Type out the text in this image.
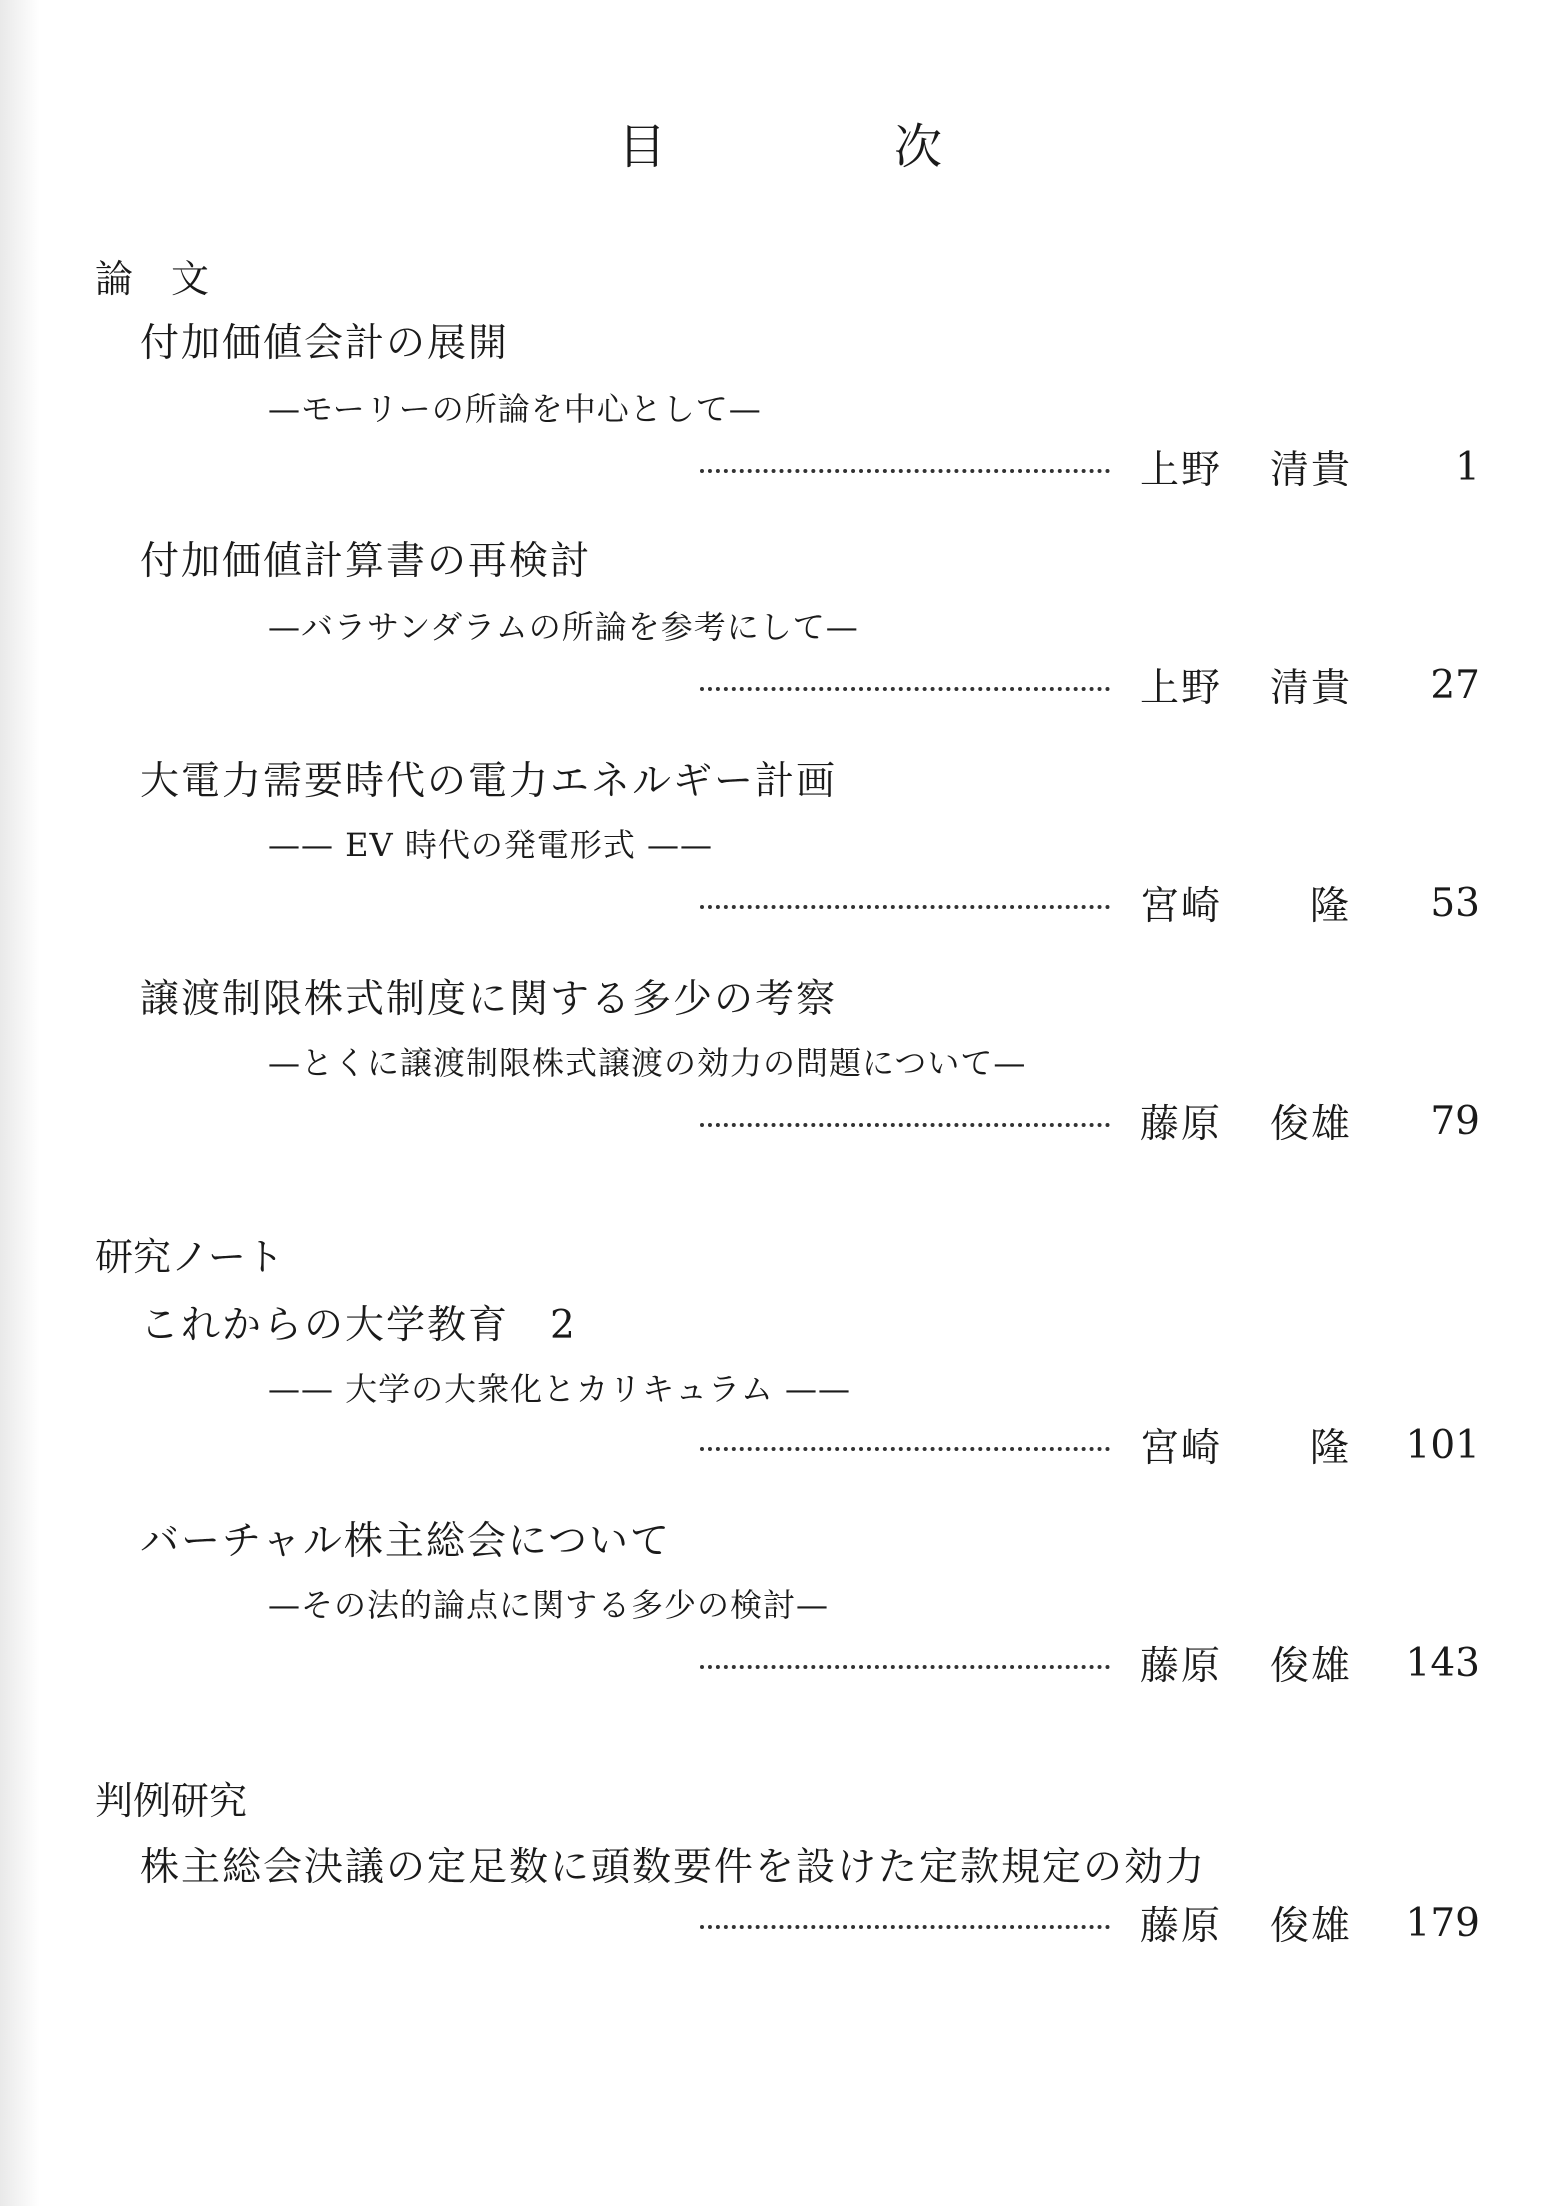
目　次
論　文
付加価値会計の展開
—モーリーの所論を中心として—
上野 清貴	1
付加価値計算書の再検討
—バラサンダラムの所論を参考にして—
上野 清貴	27
大電力需要時代の電力エネルギー計画
—— EV 時代の発電形式 ——
宮崎 隆	53
譲渡制限株式制度に関する多少の考察
—とくに譲渡制限株式譲渡の効力の問題について—
藤原 俊雄	79
研究ノート
これからの大学教育　2
—— 大学の大衆化とカリキュラム ——
宮崎 隆	101
バーチャル株主総会について
—その法的論点に関する多少の検討—
藤原 俊雄	143
判例研究
株主総会決議の定足数に頭数要件を設けた定款規定の効力
藤原 俊雄	179
